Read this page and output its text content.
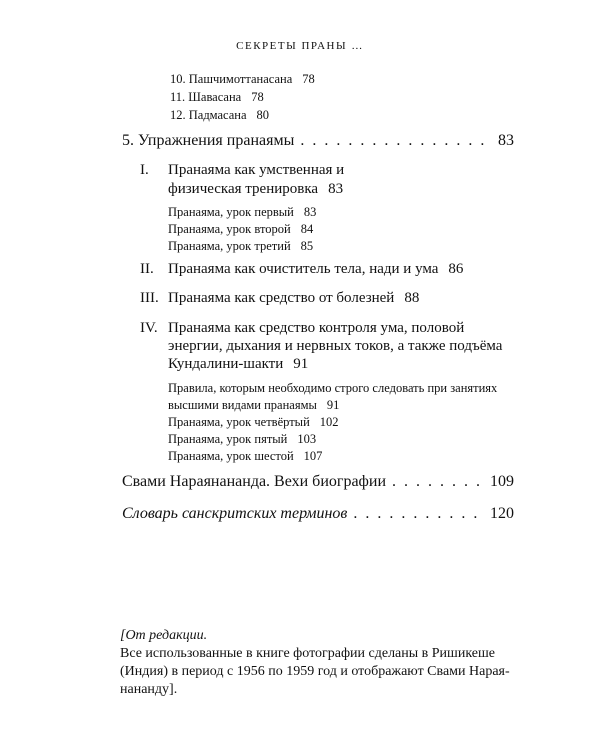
СЕКРЕТЫ ПРАНЫ …
10. Пашчимоттанасана 78
11. Шавасана 78
12. Падмасана 80
5. Упражнения пранаямы . . .	83
I. Пранаяма как умственная и
физическая тренировка 83
Пранаяма, урок первый 83
Пранаяма, урок второй 84
Пранаяма, урок третий 85
II. Пранаяма как очиститель тела, нади и ума 86
III. Пранаяма как средство от болезней 88
IV. Пранаяма как средство контроля ума, половой
энергии, дыхания и нервных токов, а также подъёма
Кундалини-шакти 91
Правила, которым необходимо строго следовать при занятиях
высшими видами пранаямы 91
Пранаяма, урок четвёртый 102
Пранаяма, урок пятый 103
Пранаяма, урок шестой 107
Свами Нараянананда. Вехи биографии . . .	109
Словарь санскритских терминов . . .	120
[От редакции.
Все использованные в книге фотографии сделаны в Ришикеше
(Индия) в период с 1956 по 1959 год и отображают Свами Нарая-
нананду].
